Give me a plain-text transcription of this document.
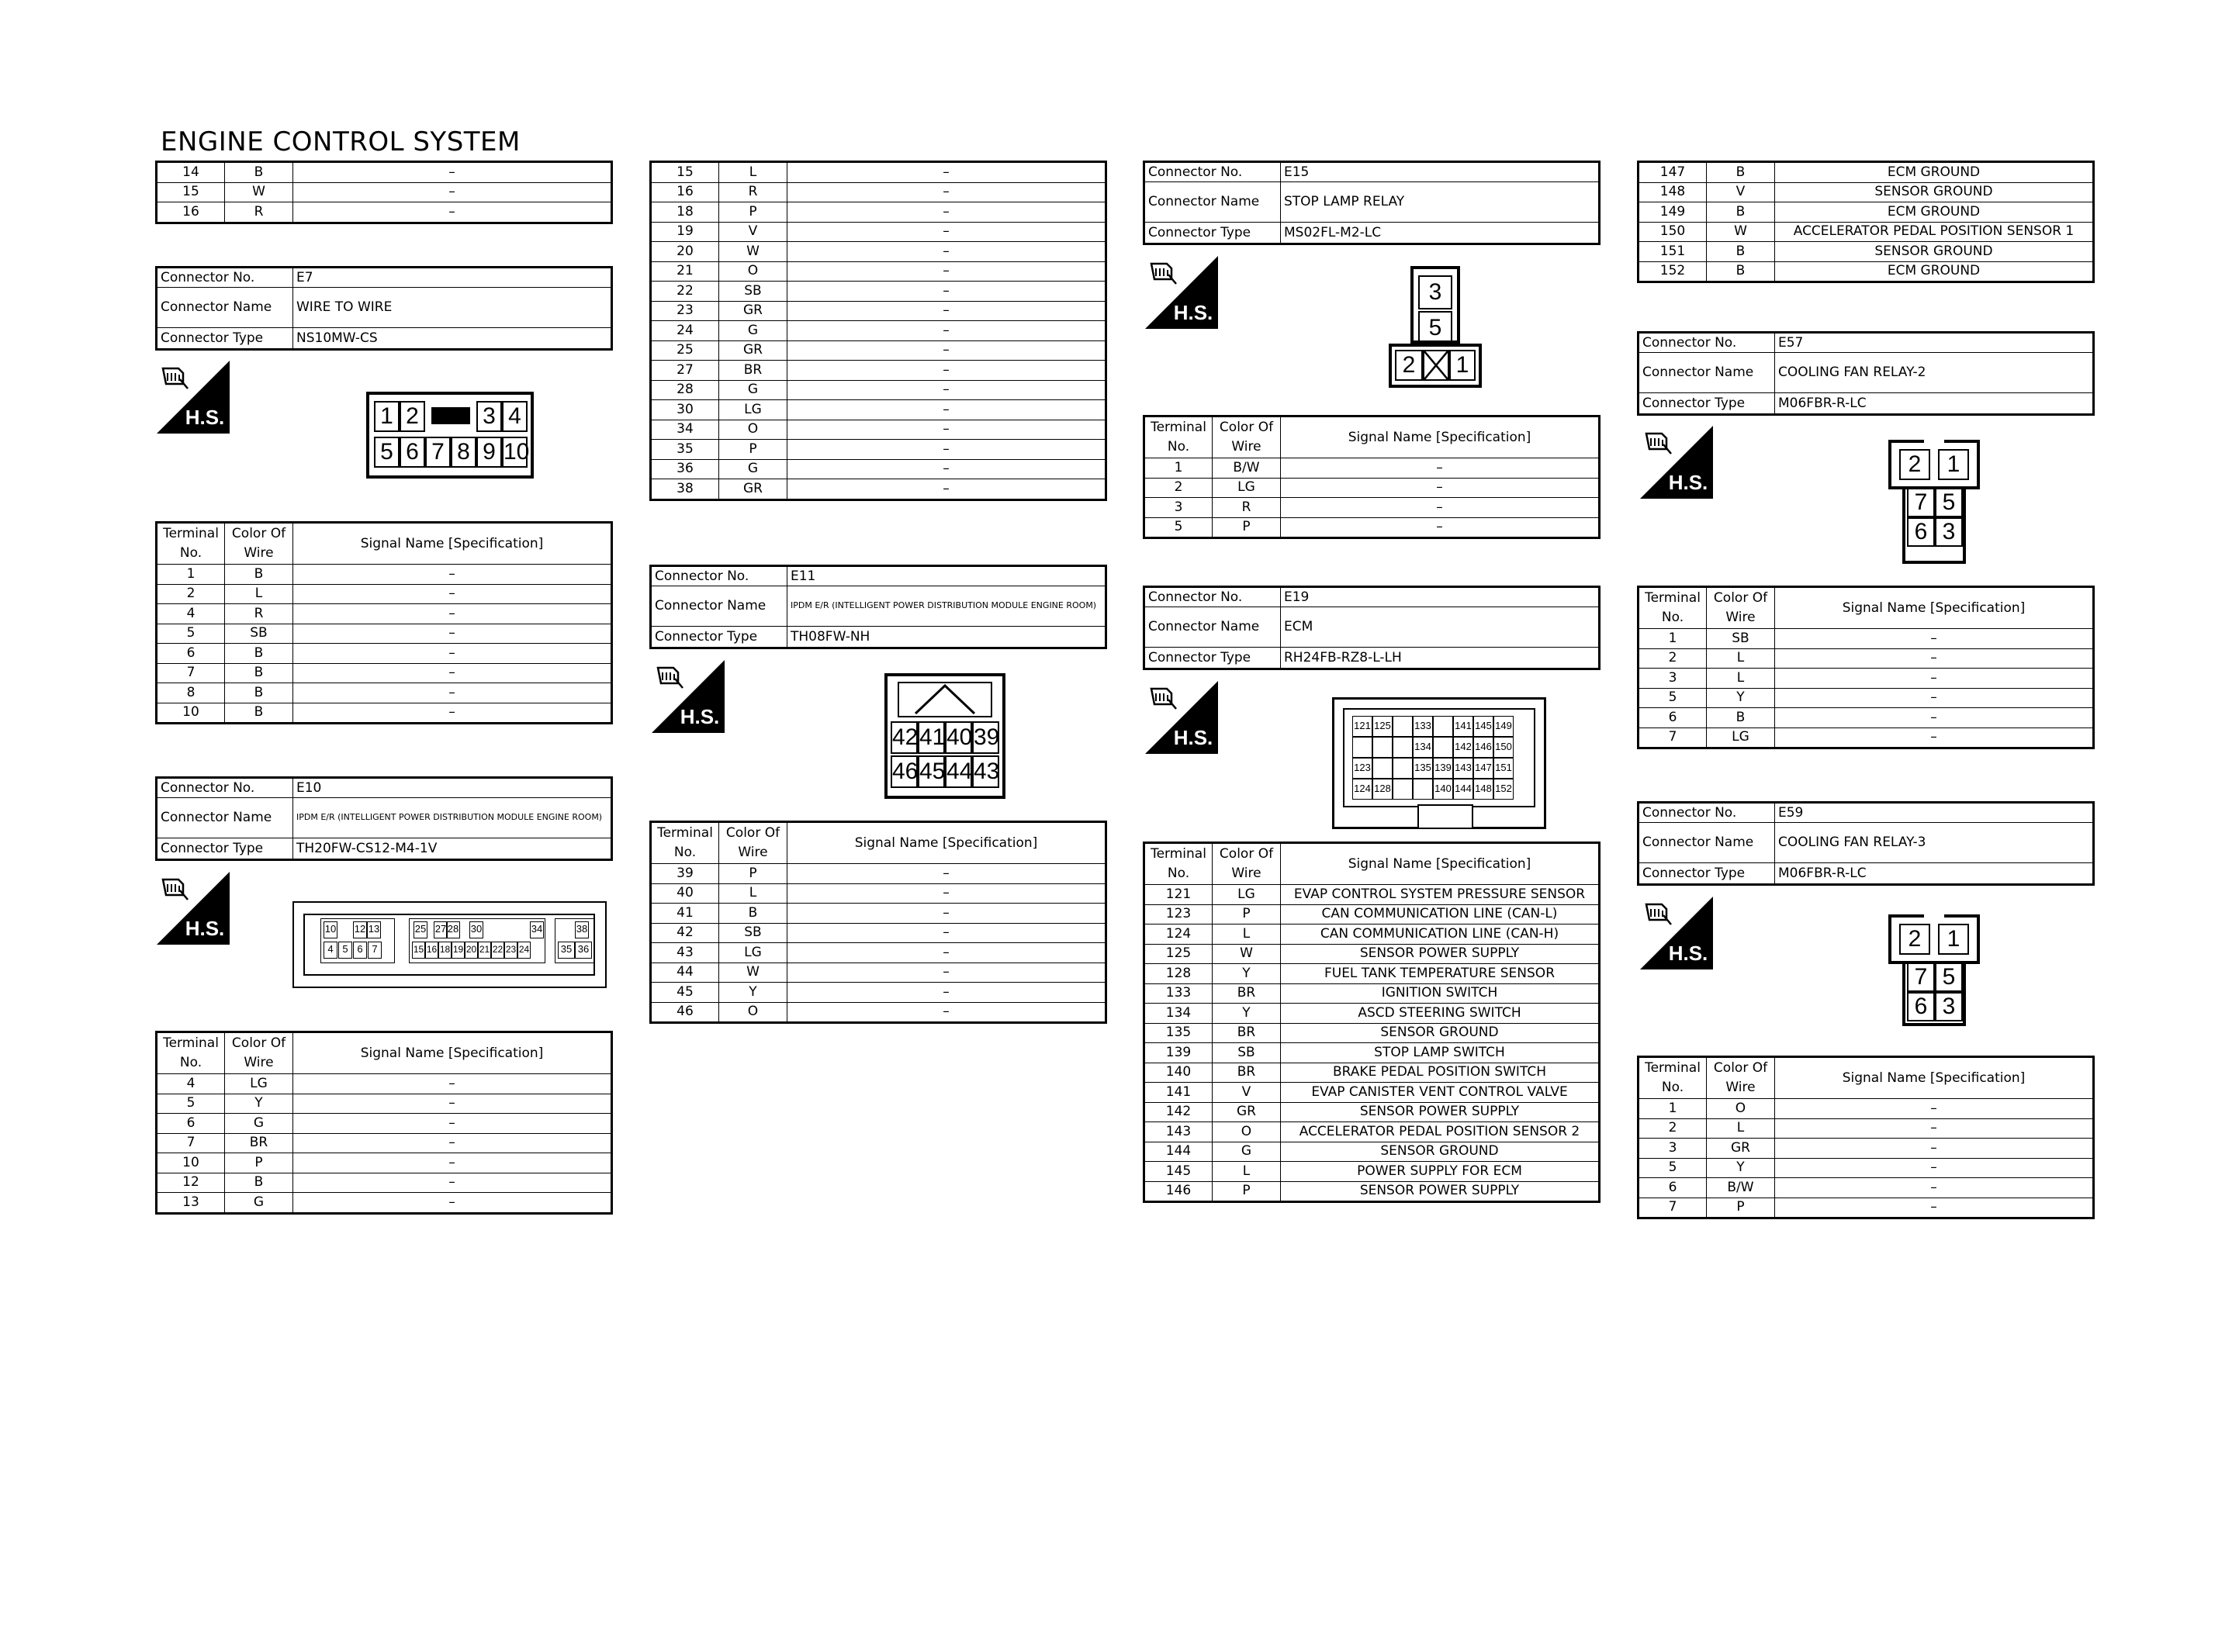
ENGINE CONTROL SYSTEM
14	B	–
15	W	–
16	R	–
Connector No.	E7
Connector Name	WIRE TO WIRE
Connector Type	NS10MW-CS
H.S.	1 2	3 4
5 6 7 8 9 10
Terminal No.	Color Of Wire	Signal Name [Specification]
1	B	–
2	L	–
4	R	–
5	SB	–
6	B	–
7	B	–
8	B	–
10	B	–
Connector No.	E10
Connector Name	IPDM E/R (INTELLIGENT POWER DISTRIBUTION MODULE ENGINE ROOM)
Connector Type	TH20FW-CS12-M4-1V
H.S.	10 12 13	25 27 28 30	34	38
4 5 6 7	15 16 18 19 20 21 22 23 24	35 36
Terminal No.	Color Of Wire	Signal Name [Specification]
4	LG	–
5	Y	–
6	G	–
7	BR	–
10	P	–
12	B	–
13	G	–
15	L	–
16	R	–
18	P	–
19	V	–
20	W	–
21	O	–
22	SB	–
23	GR	–
24	G	–
25	GR	–
27	BR	–
28	G	–
30	LG	–
34	O	–
35	P	–
36	G	–
38	GR	–
Connector No.	E11
Connector Name	IPDM E/R (INTELLIGENT POWER DISTRIBUTION MODULE ENGINE ROOM)
Connector Type	TH08FW-NH
H.S.
42 41 40 39
46 45 44 43
Terminal No.	Color Of Wire	Signal Name [Specification]
39	P	–
40	L	–
41	B	–
42	SB	–
43	LG	–
44	W	–
45	Y	–
46	O	–
Connector No.	E15
Connector Name	STOP LAMP RELAY
Connector Type	MS02FL-M2-LC
H.S.
3
5
2	1
Terminal No.	Color Of Wire	Signal Name [Specification]
1	B/W	–
2	LG	–
3	R	–
5	P	–
Connector No.	E19
Connector Name	ECM
Connector Type	RH24FB-RZ8-L-LH
H.S.
121
123
124
125
128
133
134
135 139
140
141
142
143
144
145
146
147
148
149
150
151
152
Terminal No.	Color Of Wire	Signal Name [Specification]
121	LG	EVAP CONTROL SYSTEM PRESSURE SENSOR
123	P	CAN COMMUNICATION LINE (CAN-L)
124	L	CAN COMMUNICATION LINE (CAN-H)
125	W	SENSOR POWER SUPPLY
128	Y	FUEL TANK TEMPERATURE SENSOR
133	BR	IGNITION SWITCH
134	Y	ASCD STEERING SWITCH
135	BR	SENSOR GROUND
139	SB	STOP LAMP SWITCH
140	BR	BRAKE PEDAL POSITION SWITCH
141	V	EVAP CANISTER VENT CONTROL VALVE
142	GR	SENSOR POWER SUPPLY
143	O	ACCELERATOR PEDAL POSITION SENSOR 2
144	G	SENSOR GROUND
145	L	POWER SUPPLY FOR ECM
146	P	SENSOR POWER SUPPLY
147	B	ECM GROUND
148	V	SENSOR GROUND
149	B	ECM GROUND
150	W	ACCELERATOR PEDAL POSITION SENSOR 1
151	B	SENSOR GROUND
152	B	ECM GROUND
Connector No.	E57
Connector Name	COOLING FAN RELAY-2
Connector Type	M06FBR-R-LC
H.S.
2	1
7 5
6 3
Terminal No.	Color Of Wire	Signal Name [Specification]
1	SB	–
2	L	–
3	L	–
5	Y	–
6	B	–
7	LG	–
Connector No.	E59
Connector Name	COOLING FAN RELAY-3
Connector Type	M06FBR-R-LC
H.S.
2	1
7 5
6 3
Terminal No.	Color Of Wire	Signal Name [Specification]
1	O	–
2	L	–
3	GR	–
5	Y	–
6	B/W	–
7	P	–
